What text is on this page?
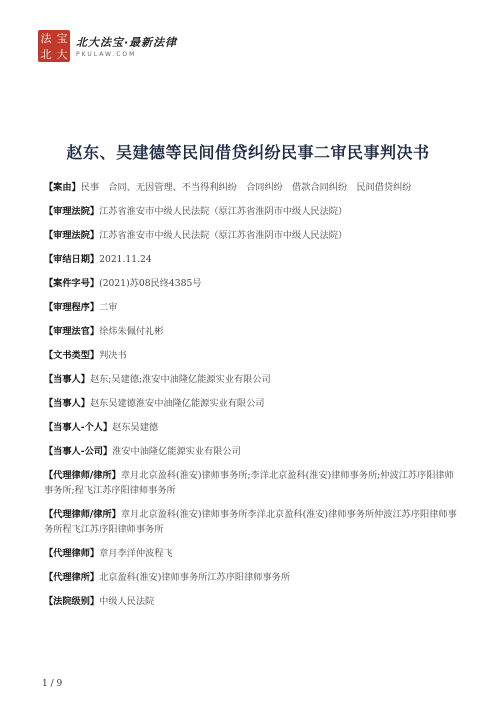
法 宝
北 大
北大法宝·最新法律
PKULAW.COM
赵东、吴建德等民间借贷纠纷民事二审民事判决书
【案由】民事　合同、无因管理、不当得利纠纷　合同纠纷　借款合同纠纷　民间借贷纠纷
【审理法院】江苏省淮安市中级人民法院（原江苏省淮阴市中级人民法院）
【审理法院】江苏省淮安市中级人民法院（原江苏省淮阴市中级人民法院）
【审结日期】2021.11.24
【案件字号】(2021)苏08民终4385号
【审理程序】二审
【审理法官】徐炜朱佩付礼彬
【文书类型】判决书
【当事人】赵东;吴建德;淮安中油隆亿能源实业有限公司
【当事人】赵东吴建德淮安中油隆亿能源实业有限公司
【当事人-个人】赵东吴建德
【当事人-公司】淮安中油隆亿能源实业有限公司
【代理律师/律所】章月北京盈科(淮安)律师事务所;李洋北京盈科(淮安)律师事务所;仲波江苏序阳律师事务所;程飞江苏序阳律师事务所
【代理律师/律所】章月北京盈科(淮安)律师事务所李洋北京盈科(淮安)律师事务所仲波江苏序阳律师事务所程飞江苏序阳律师事务所
【代理律师】章月李洋仲波程飞
【代理律所】北京盈科(淮安)律师事务所江苏序阳律师事务所
【法院级别】中级人民法院
1 / 9
